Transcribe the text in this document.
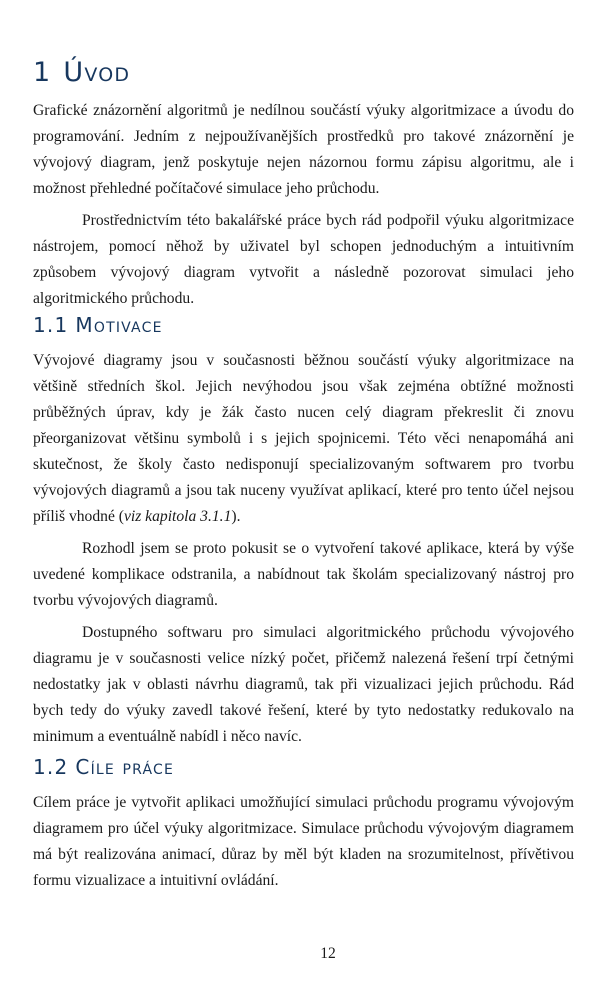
1 Úvod

Grafické znázornění algoritmů je nedílnou součástí výuky algoritmizace a úvodu do programování. Jedním z nejpoužívanějších prostředků pro takové znázornění je vývojový diagram, jenž poskytuje nejen názornou formu zápisu algoritmu, ale i možnost přehledné počítačové simulace jeho průchodu.

Prostřednictvím této bakalářské práce bych rád podpořil výuku algoritmizace nástrojem, pomocí něhož by uživatel byl schopen jednoduchým a intuitivním způsobem vývojový diagram vytvořit a následně pozorovat simulaci jeho algoritmického průchodu.

1.1 Motivace

Vývojové diagramy jsou v současnosti běžnou součástí výuky algoritmizace na většině středních škol. Jejich nevýhodou jsou však zejména obtížné možnosti průběžných úprav, kdy je žák často nucen celý diagram překreslit či znovu přeorganizovat většinu symbolů i s jejich spojnicemi. Této věci nenapomáhá ani skutečnost, že školy často nedisponují specializovaným softwarem pro tvorbu vývojových diagramů a jsou tak nuceny využívat aplikací, které pro tento účel nejsou příliš vhodné (viz kapitola 3.1.1).

Rozhodl jsem se proto pokusit se o vytvoření takové aplikace, která by výše uvedené komplikace odstranila, a nabídnout tak školám specializovaný nástroj pro tvorbu vývojových diagramů.

Dostupného softwaru pro simulaci algoritmického průchodu vývojového diagramu je v současnosti velice nízký počet, přičemž nalezená řešení trpí četnými nedostatky jak v oblasti návrhu diagramů, tak při vizualizaci jejich průchodu. Rád bych tedy do výuky zavedl takové řešení, které by tyto nedostatky redukovalo na minimum a eventuálně nabídl i něco navíc.

1.2 Cíle práce

Cílem práce je vytvořit aplikaci umožňující simulaci průchodu programu vývojovým diagramem pro účel výuky algoritmizace. Simulace průchodu vývojovým diagramem má být realizována animací, důraz by měl být kladen na srozumitelnost, přívětivou formu vizualizace a intuitivní ovládání.

12
